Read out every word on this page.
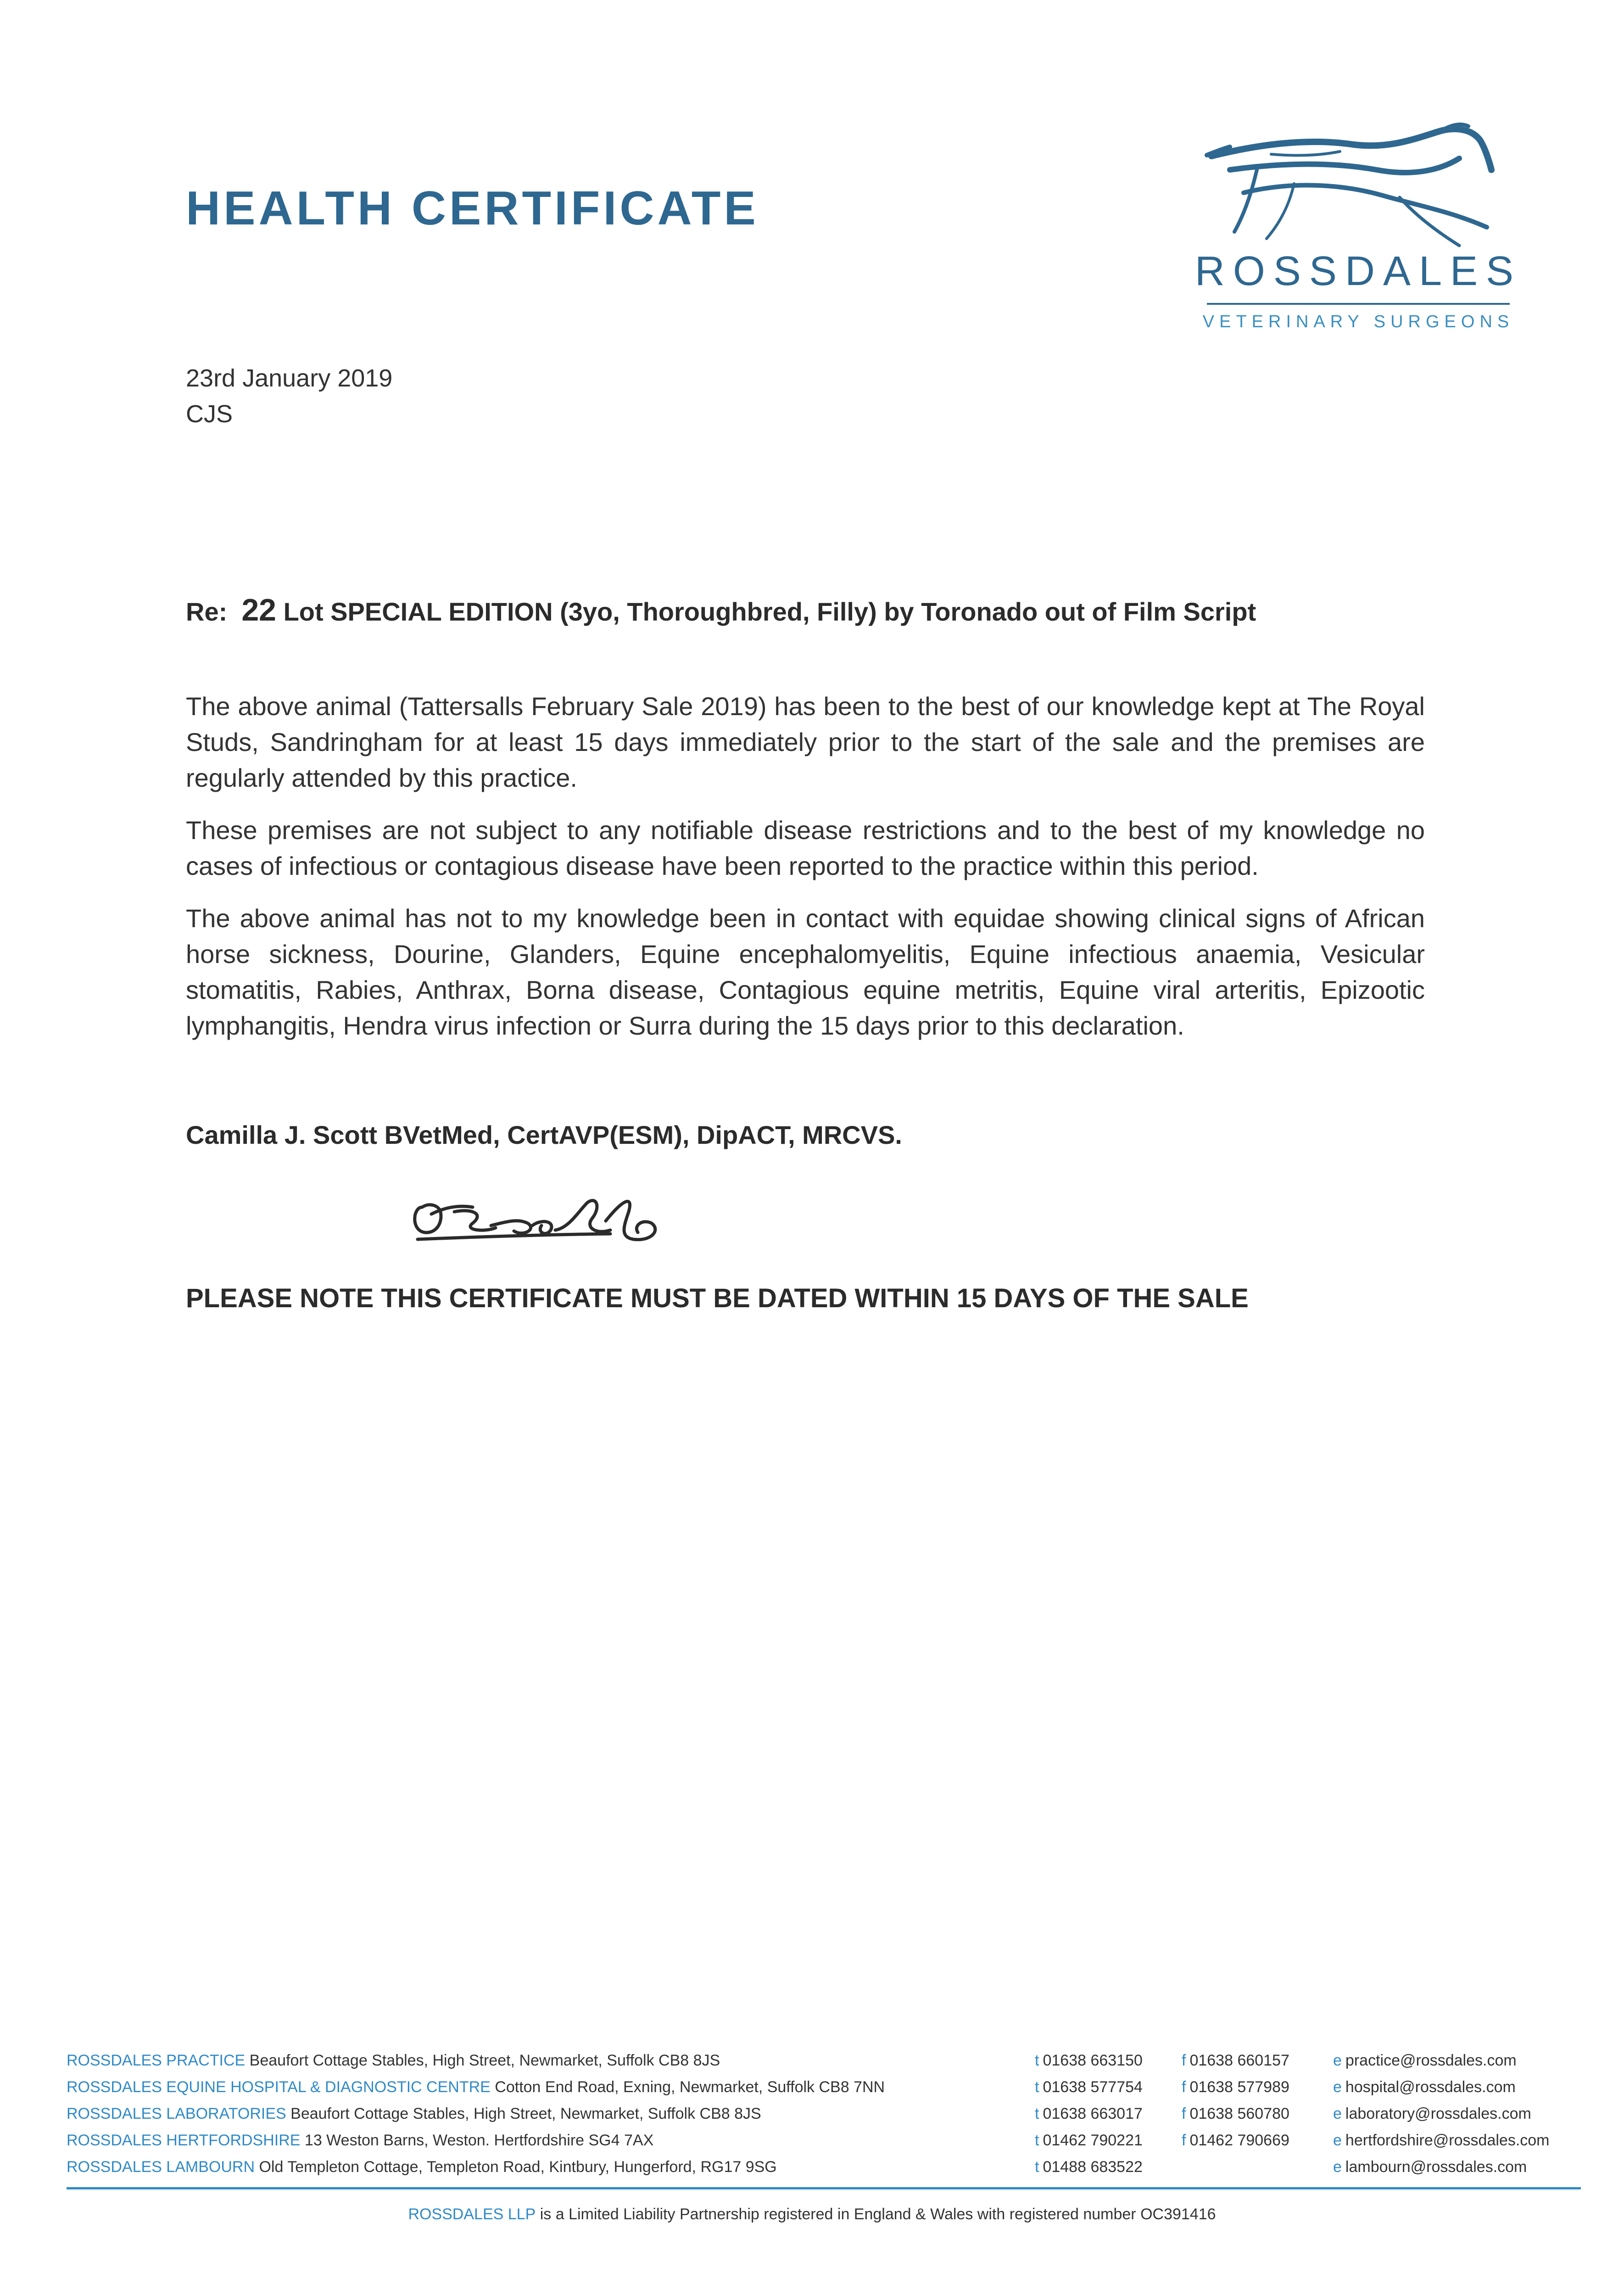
HEALTH CERTIFICATE
ROSSDALES
VETERINARY SURGEONS
23rd January 2019
CJS
Re: 22 Lot SPECIAL EDITION (3yo, Thoroughbred, Filly) by Toronado out of Film Script

The above animal (Tattersalls February Sale 2019) has been to the best of our knowledge kept at The Royal Studs, Sandringham for at least 15 days immediately prior to the start of the sale and the premises are regularly attended by this practice.

These premises are not subject to any notifiable disease restrictions and to the best of my knowledge no cases of infectious or contagious disease have been reported to the practice within this period.

The above animal has not to my knowledge been in contact with equidae showing clinical signs of African horse sickness, Dourine, Glanders, Equine encephalomyelitis, Equine infectious anaemia, Vesicular stomatitis, Rabies, Anthrax, Borna disease, Contagious equine metritis, Equine viral arteritis, Epizootic lymphangitis, Hendra virus infection or Surra during the 15 days prior to this declaration.

Camilla J. Scott BVetMed, CertAVP(ESM), DipACT, MRCVS.
PLEASE NOTE THIS CERTIFICATE MUST BE DATED WITHIN 15 DAYS OF THE SALE
ROSSDALES PRACTICE Beaufort Cottage Stables, High Street, Newmarket, Suffolk CB8 8JS	t 01638 663150	f 01638 660157	e practice@rossdales.com
ROSSDALES EQUINE HOSPITAL & DIAGNOSTIC CENTRE Cotton End Road, Exning, Newmarket, Suffolk CB8 7NN	t 01638 577754	f 01638 577989	e hospital@rossdales.com
ROSSDALES LABORATORIES Beaufort Cottage Stables, High Street, Newmarket, Suffolk CB8 8JS	t 01638 663017	f 01638 560780	e laboratory@rossdales.com
ROSSDALES HERTFORDSHIRE 13 Weston Barns, Weston. Hertfordshire SG4 7AX	t 01462 790221	f 01462 790669	e hertfordshire@rossdales.com
ROSSDALES LAMBOURN Old Templeton Cottage, Templeton Road, Kintbury, Hungerford, RG17 9SG	t 01488 683522	e lambourn@rossdales.com
ROSSDALES LLP is a Limited Liability Partnership registered in England & Wales with registered number OC391416
